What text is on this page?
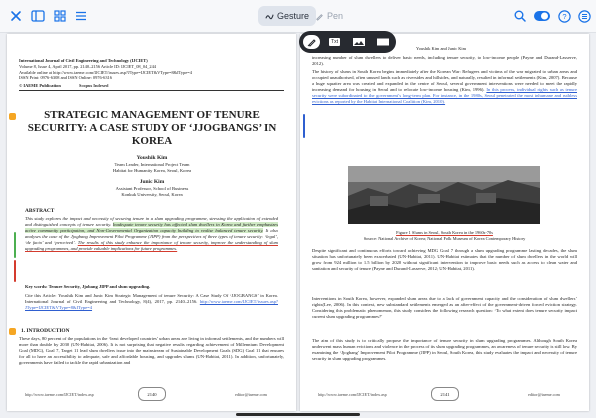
Gesture Pen	?
International Journal of Civil Engineering and Technology (IJCIET)
Volume 8, Issue 4, April 2017, pp. 2140–2156 Article ID: IJCIET_08_04_244
Available online at http://www.iaeme.com/IJCIET/issues.asp?JType=IJCIET&VType=8&IType=4
ISSN Print: 0976-6308 and ISSN Online: 0976-6316
© IAEME Publication	Scopus Indexed
STRATEGIC MANAGEMENT OF TENURE SECURITY: A CASE STUDY OF ‘JJOGBANGS’ IN KOREA
Youshik Kim
Team Leader, International Project Team
Habitat for Humanity Korea, Seoul, Korea
Junic Kim
Assistant Professor, School of Business
Konkuk University, Seoul, Korea
ABSTRACT
This study explores the impact and necessity of securing tenure in a slum upgrading programme, stressing the application of extended and distinguished concepts of tenure security. Inadequate tenure security has affected slum dwellers in Korea and further emphasizes active community participation, and Non-Governmental Organization capacity building to realise balanced tenure security. It also analyses the case of the Jjogbang Improvement Pilot Programme (JIPP) from the perspectives of three types of tenure security: ‘legal’, ‘de facto’ and ‘perceived’. The results of this study enhance the importance of tenure security, improve the understanding of slum upgrading programmes, and provide valuable implications for future programmes.
Key words: Tenure Security, Jjobang JIPP and slum upgrading.
Cite this Article: Youshik Kim and Junic Kim Strategic Management of tenure Security: A Case Study Of ‘JJOGBANGS’ in Korea. International Journal of Civil Engineering and Technology, 8(4), 2017, pp. 2140–2156. http://www.iaeme.com/IJCIET/issues.asp?JType=IJCIET&VType=8&IType=4
1. INTRODUCTION
These days, 80 percent of the populations in the ‘least developed countries’ urban areas are living in informal settlements, and the numbers will more than double by 2030 (UN-Habitat, 2006). It is not surprising that negative results regarding achievement of Millennium Development Goal (MDG), Goal 7, Target 11 lead slum dwellers issue into the mainstream of Sustainable Development Goals (SDG) Goal 11 that ensures for all to have an accessibility to adequate, safe and affordable housing, and upgrades slums (UN-Habitat, 2011). In addition, unfortunately, governments have failed to tackle the rapid urbanization and
http://www.iaeme.com/IJCIET/index.asp	2140	editor@iaeme.com
Youshik Kim and Junic Kim
increasing number of slum dwellers to deliver basic needs, including tenure security, to low-income people (Payne and Durand-Lasserve, 2012).
The history of slums in South Korea begins immediately after the Korean War: Refugees and victims of the war migrated to urban areas and occupied unauthorised, often unused lands such as riversides and hillsides, and naturally, resulted in informal settlements (Kim, 2007). Because a huge squatter area was created and expanded in the centre of Seoul, several government interventions were needed to meet the rapidly increasing demand for housing in Seoul and to relocate low-income housing (Kim, 1996). In this process, individual rights such as tenure security were subordinated to the government’s long-term plan. For instance, in the 1980s, Seoul penetrated the most inhumane and ruthless evictions as reported by the Habitat International Coalition (Kim, 2010).
Figure 1 Slums in Seoul, South Korea in the 1960s-70s
Source: National Archive of Korea; National Folk Museum of Korea Contemporary History
Despite significant and continuous efforts toward achieving MDG Goal 7 through a slum upgrading programme lasting decades, the slum situation has unfortunately been exacerbated (UN-Habitat, 2011). UN-Habitat estimates that the number of slum dwellers in the world will grow from 924 million to 1.5 billion by 2020 without significant intervention to improve basic needs such as access to clean water and sanitation and security of tenure (Payne and Durand-Lasserve, 2012; UN-Habitat, 2011).
Interventions in South Korea, however, expanded slum areas due to a lack of government capacity and the consideration of slum dwellers’ rights(Lee, 2006). In this context, new substandard settlements emerged as an after-effect of the government-driven forced eviction strategy. Considering this problematic phenomenon, this study considers the following research question: ‘To what extent does tenure security impact current slum upgrading programmes?’
The aim of this study is to critically propose the importance of tenure security in slum upgrading programmes. Although South Korea underwent mass human evictions and violence in the process of its slum upgrading programmes, an awareness of tenure security is still low. By examining the ‘Jjogbang’ Improvement Pilot Programme (JIPP) in Seoul, South Korea, this study evaluates the impact and necessity of tenure security in slum upgrading programmes.
http://www.iaeme.com/IJCIET/index.asp	2141	editor@iaeme.com
Txt
